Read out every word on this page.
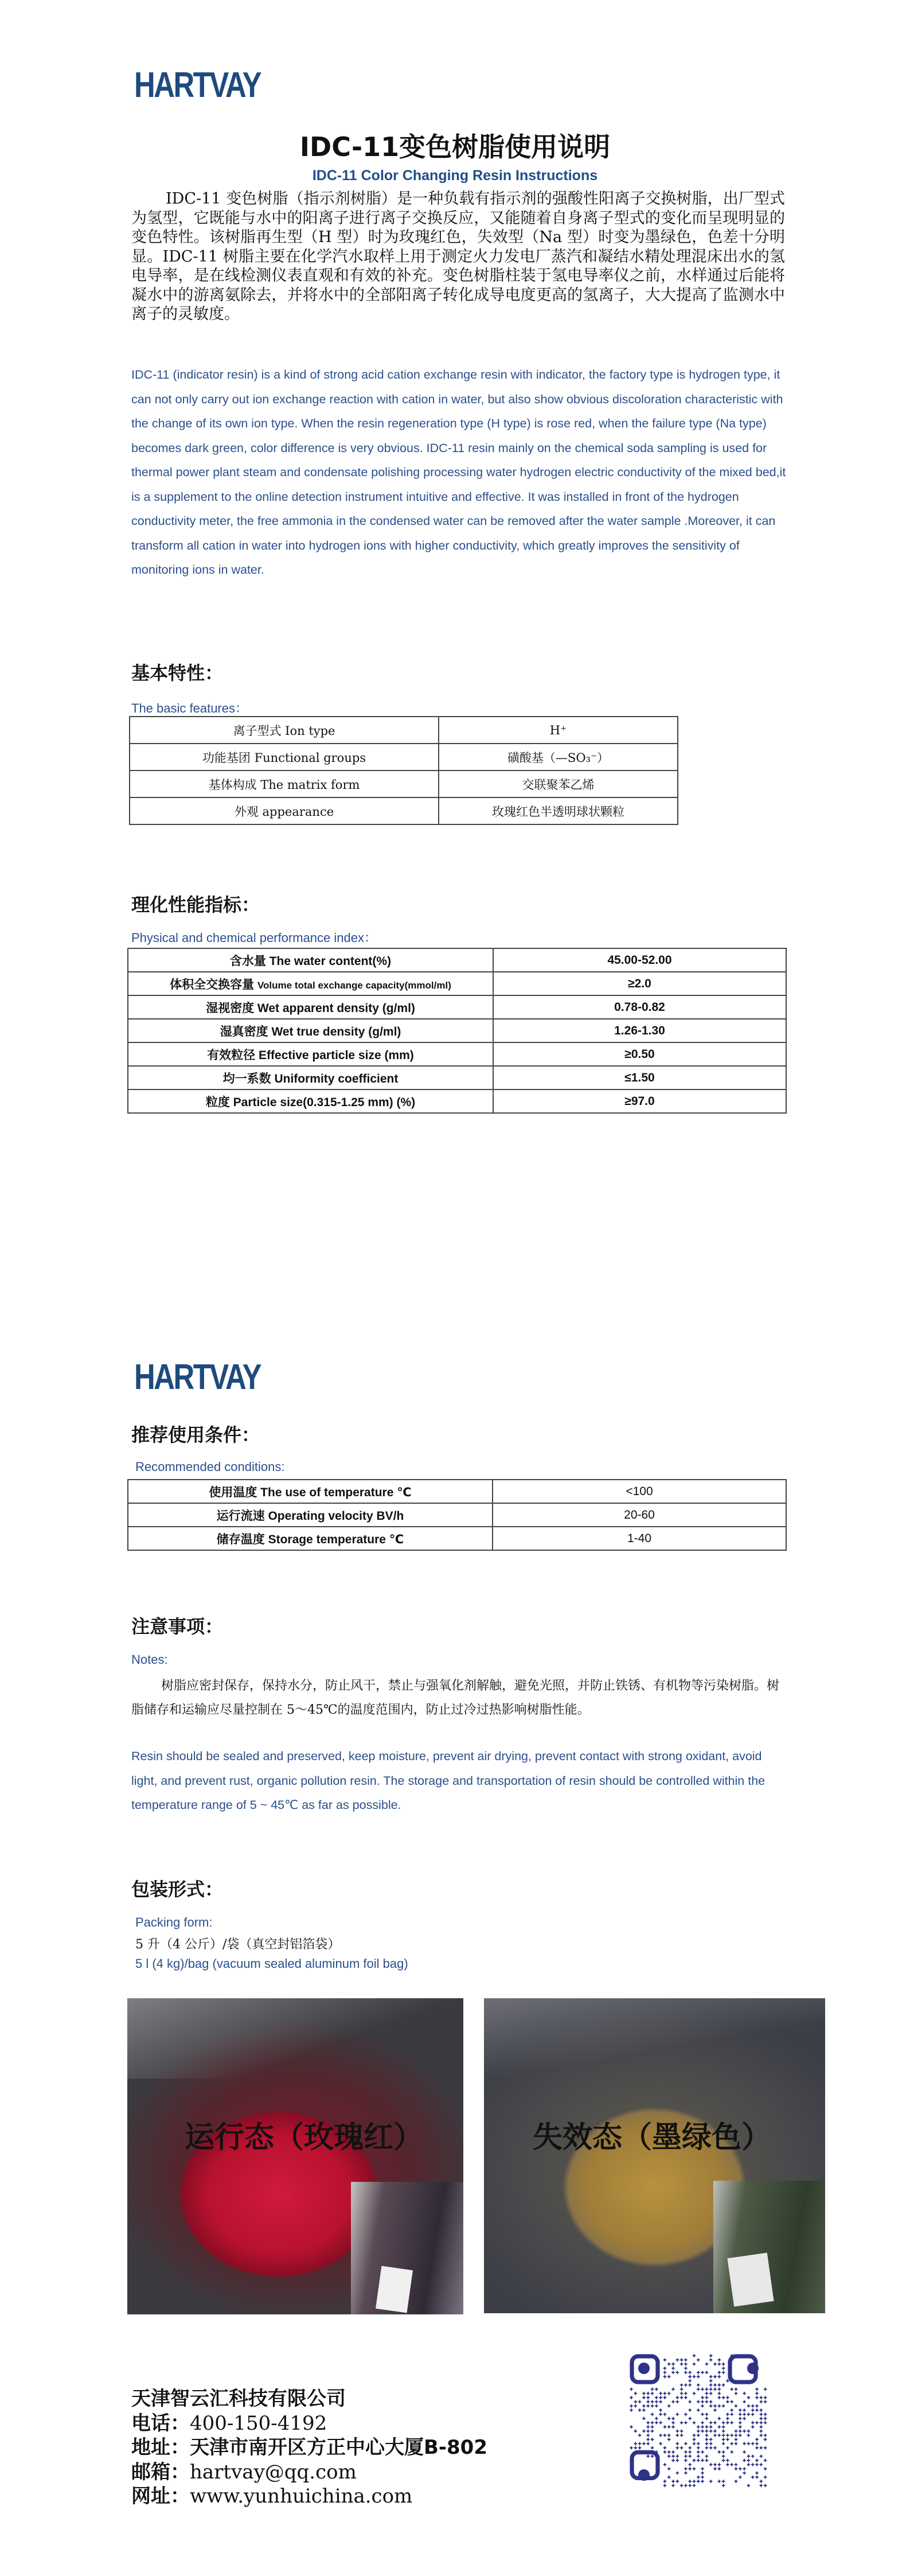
HARTVAY
IDC-11变色树脂使用说明
IDC-11 Color Changing Resin Instructions
IDC-11 变色树脂（指示剂树脂）是一种负载有指示剂的强酸性阳离子交换树脂，出厂型式为氢型，它既能与水中的阳离子进行离子交换反应，又能随着自身离子型式的变化而呈现明显的变色特性。该树脂再生型（H 型）时为玫瑰红色，失效型（Na 型）时变为墨绿色，色差十分明显。IDC-11 树脂主要在化学汽水取样上用于测定火力发电厂蒸汽和凝结水精处理混床出水的氢电导率，是在线检测仪表直观和有效的补充。变色树脂柱装于氢电导率仪之前，水样通过后能将凝水中的游离氨除去，并将水中的全部阳离子转化成导电度更高的氢离子，大大提高了监测水中离子的灵敏度。
IDC-11 (indicator resin) is a kind of strong acid cation exchange resin with indicator, the factory type is hydrogen type, it can not only carry out ion exchange reaction with cation in water, but also show obvious discoloration characteristic with the change of its own ion type. When the resin regeneration type (H type) is rose red, when the failure type (Na type) becomes dark green, color difference is very obvious. IDC-11 resin mainly on the chemical soda sampling is used for thermal power plant steam and condensate polishing processing water hydrogen electric conductivity of the mixed bed,it is a supplement to the online detection instrument intuitive and effective. It was installed in front of the hydrogen conductivity meter, the free ammonia in the condensed water can be removed after the water sample .Moreover, it can transform all cation in water into hydrogen ions with higher conductivity, which greatly improves the sensitivity of monitoring ions in water.
基本特性：
The basic features：
离子型式 Ion type	H⁺
功能基团 Functional groups	磺酸基（—SO₃⁻）
基体构成 The matrix form	交联聚苯乙烯
外观 appearance	玫瑰红色半透明球状颗粒
理化性能指标：
Physical and chemical performance index：
含水量 The water content(%)	45.00-52.00
体积全交换容量 Volume total exchange capacity(mmol/ml)	≥2.0
湿视密度 Wet apparent density (g/ml)	0.78-0.82
湿真密度 Wet true density (g/ml)	1.26-1.30
有效粒径 Effective particle size (mm)	≥0.50
均一系数 Uniformity coefficient	≤1.50
粒度 Particle size(0.315-1.25 mm) (%)	≥97.0
HARTVAY
推荐使用条件：
Recommended conditions:
使用温度 The use of temperature ℃	<100
运行流速 Operating velocity BV/h	20-60
储存温度 Storage temperature ℃	1-40
注意事项：
Notes:
树脂应密封保存，保持水分，防止风干，禁止与强氧化剂解触，避免光照，并防止铁锈、有机物等污染树脂。树脂储存和运输应尽量控制在 5～45℃的温度范围内，防止过冷过热影响树脂性能。
Resin should be sealed and preserved, keep moisture, prevent air drying, prevent contact with strong oxidant, avoid light, and prevent rust, organic pollution resin. The storage and transportation of resin should be controlled within the temperature range of 5 ~ 45℃ as far as possible.
包装形式：
Packing form:
5 升（4 公斤）/袋（真空封铝箔袋）
5 l (4 kg)/bag (vacuum sealed aluminum foil bag)
运行态（玫瑰红）	失效态（墨绿色）
天津智云汇科技有限公司
电话：400-150-4192
地址：天津市南开区方正中心大厦B-802
邮箱：hartvay@qq.com
网址：www.yunhuichina.com
